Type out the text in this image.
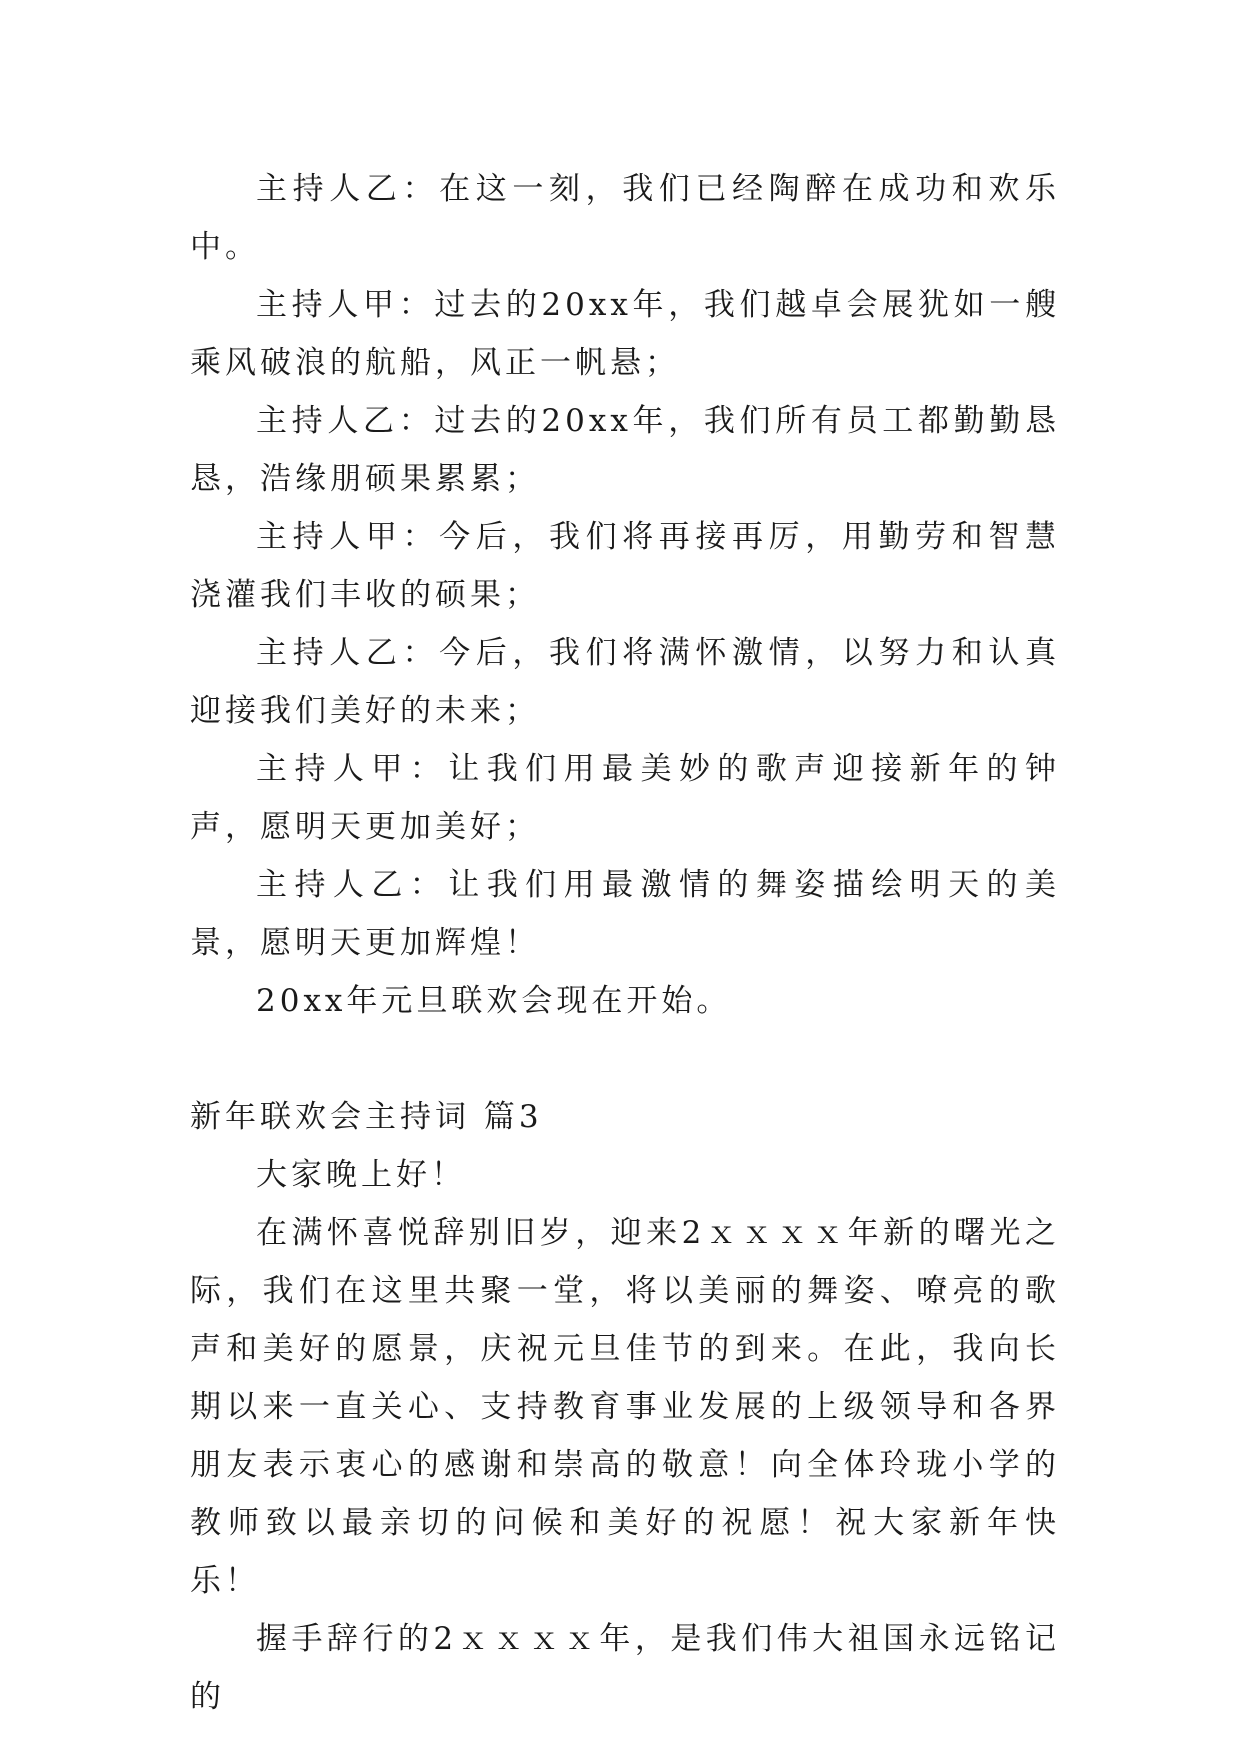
主持人乙：在这一刻，我们已经陶醉在成功和欢乐中。

主持人甲：过去的20xx年，我们越卓会展犹如一艘乘风破浪的航船，风正一帆悬；

主持人乙：过去的20xx年，我们所有员工都勤勤恳恳，浩缘朋硕果累累；

主持人甲：今后，我们将再接再厉，用勤劳和智慧浇灌我们丰收的硕果；

主持人乙：今后，我们将满怀激情，以努力和认真迎接我们美好的未来；

主持人甲：让我们用最美妙的歌声迎接新年的钟声，愿明天更加美好；

主持人乙：让我们用最激情的舞姿描绘明天的美景，愿明天更加辉煌！

20xx年元旦联欢会现在开始。

新年联欢会主持词 篇3

大家晚上好！

在满怀喜悦辞别旧岁，迎来2ｘｘｘｘ年新的曙光之际，我们在这里共聚一堂，将以美丽的舞姿、嘹亮的歌声和美好的愿景，庆祝元旦佳节的到来。在此，我向长期以来一直关心、支持教育事业发展的上级领导和各界朋友表示衷心的感谢和崇高的敬意！向全体玲珑小学的教师致以最亲切的问候和美好的祝愿！祝大家新年快乐！

握手辞行的2ｘｘｘｘ年，是我们伟大祖国永远铭记的
